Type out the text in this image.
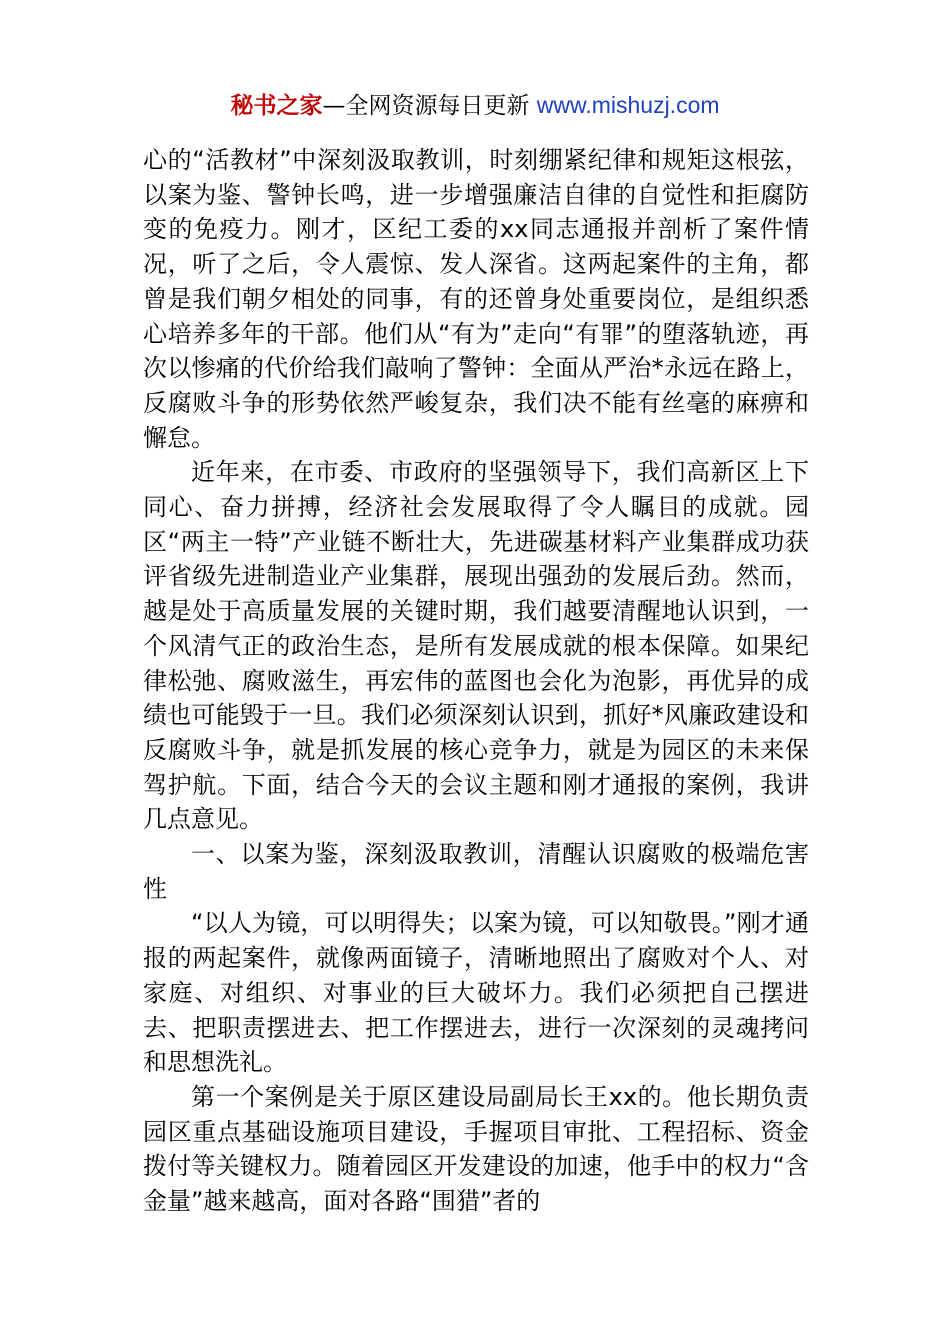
秘书之家—全网资源每日更新 www.mishuzj.com

心的“活教材”中深刻汲取教训，时刻绷紧纪律和规矩这根弦，以案为鉴、警钟长鸣，进一步增强廉洁自律的自觉性和拒腐防变的免疫力。刚才，区纪工委的xx同志通报并剖析了案件情况，听了之后，令人震惊、发人深省。这两起案件的主角，都曾是我们朝夕相处的同事，有的还曾身处重要岗位，是组织悉心培养多年的干部。他们从“有为”走向“有罪”的堕落轨迹，再次以惨痛的代价给我们敲响了警钟：全面从严治*永远在路上，反腐败斗争的形势依然严峻复杂，我们决不能有丝毫的麻痹和懈怠。

近年来，在市委、市政府的坚强领导下，我们高新区上下同心、奋力拼搏，经济社会发展取得了令人瞩目的成就。园区“两主一特”产业链不断壮大，先进碳基材料产业集群成功获评省级先进制造业产业集群，展现出强劲的发展后劲。然而，越是处于高质量发展的关键时期，我们越要清醒地认识到，一个风清气正的政治生态，是所有发展成就的根本保障。如果纪律松弛、腐败滋生，再宏伟的蓝图也会化为泡影，再优异的成绩也可能毁于一旦。我们必须深刻认识到，抓好*风廉政建设和反腐败斗争，就是抓发展的核心竞争力，就是为园区的未来保驾护航。下面，结合今天的会议主题和刚才通报的案例，我讲几点意见。

一、以案为鉴，深刻汲取教训，清醒认识腐败的极端危害性

“以人为镜，可以明得失；以案为镜，可以知敬畏。”刚才通报的两起案件，就像两面镜子，清晰地照出了腐败对个人、对家庭、对组织、对事业的巨大破坏力。我们必须把自己摆进去、把职责摆进去、把工作摆进去，进行一次深刻的灵魂拷问和思想洗礼。

第一个案例是关于原区建设局副局长王xx的。他长期负责园区重点基础设施项目建设，手握项目审批、工程招标、资金拨付等关键权力。随着园区开发建设的加速，他手中的权力“含金量”越来越高，面对各路“围猎”者的
